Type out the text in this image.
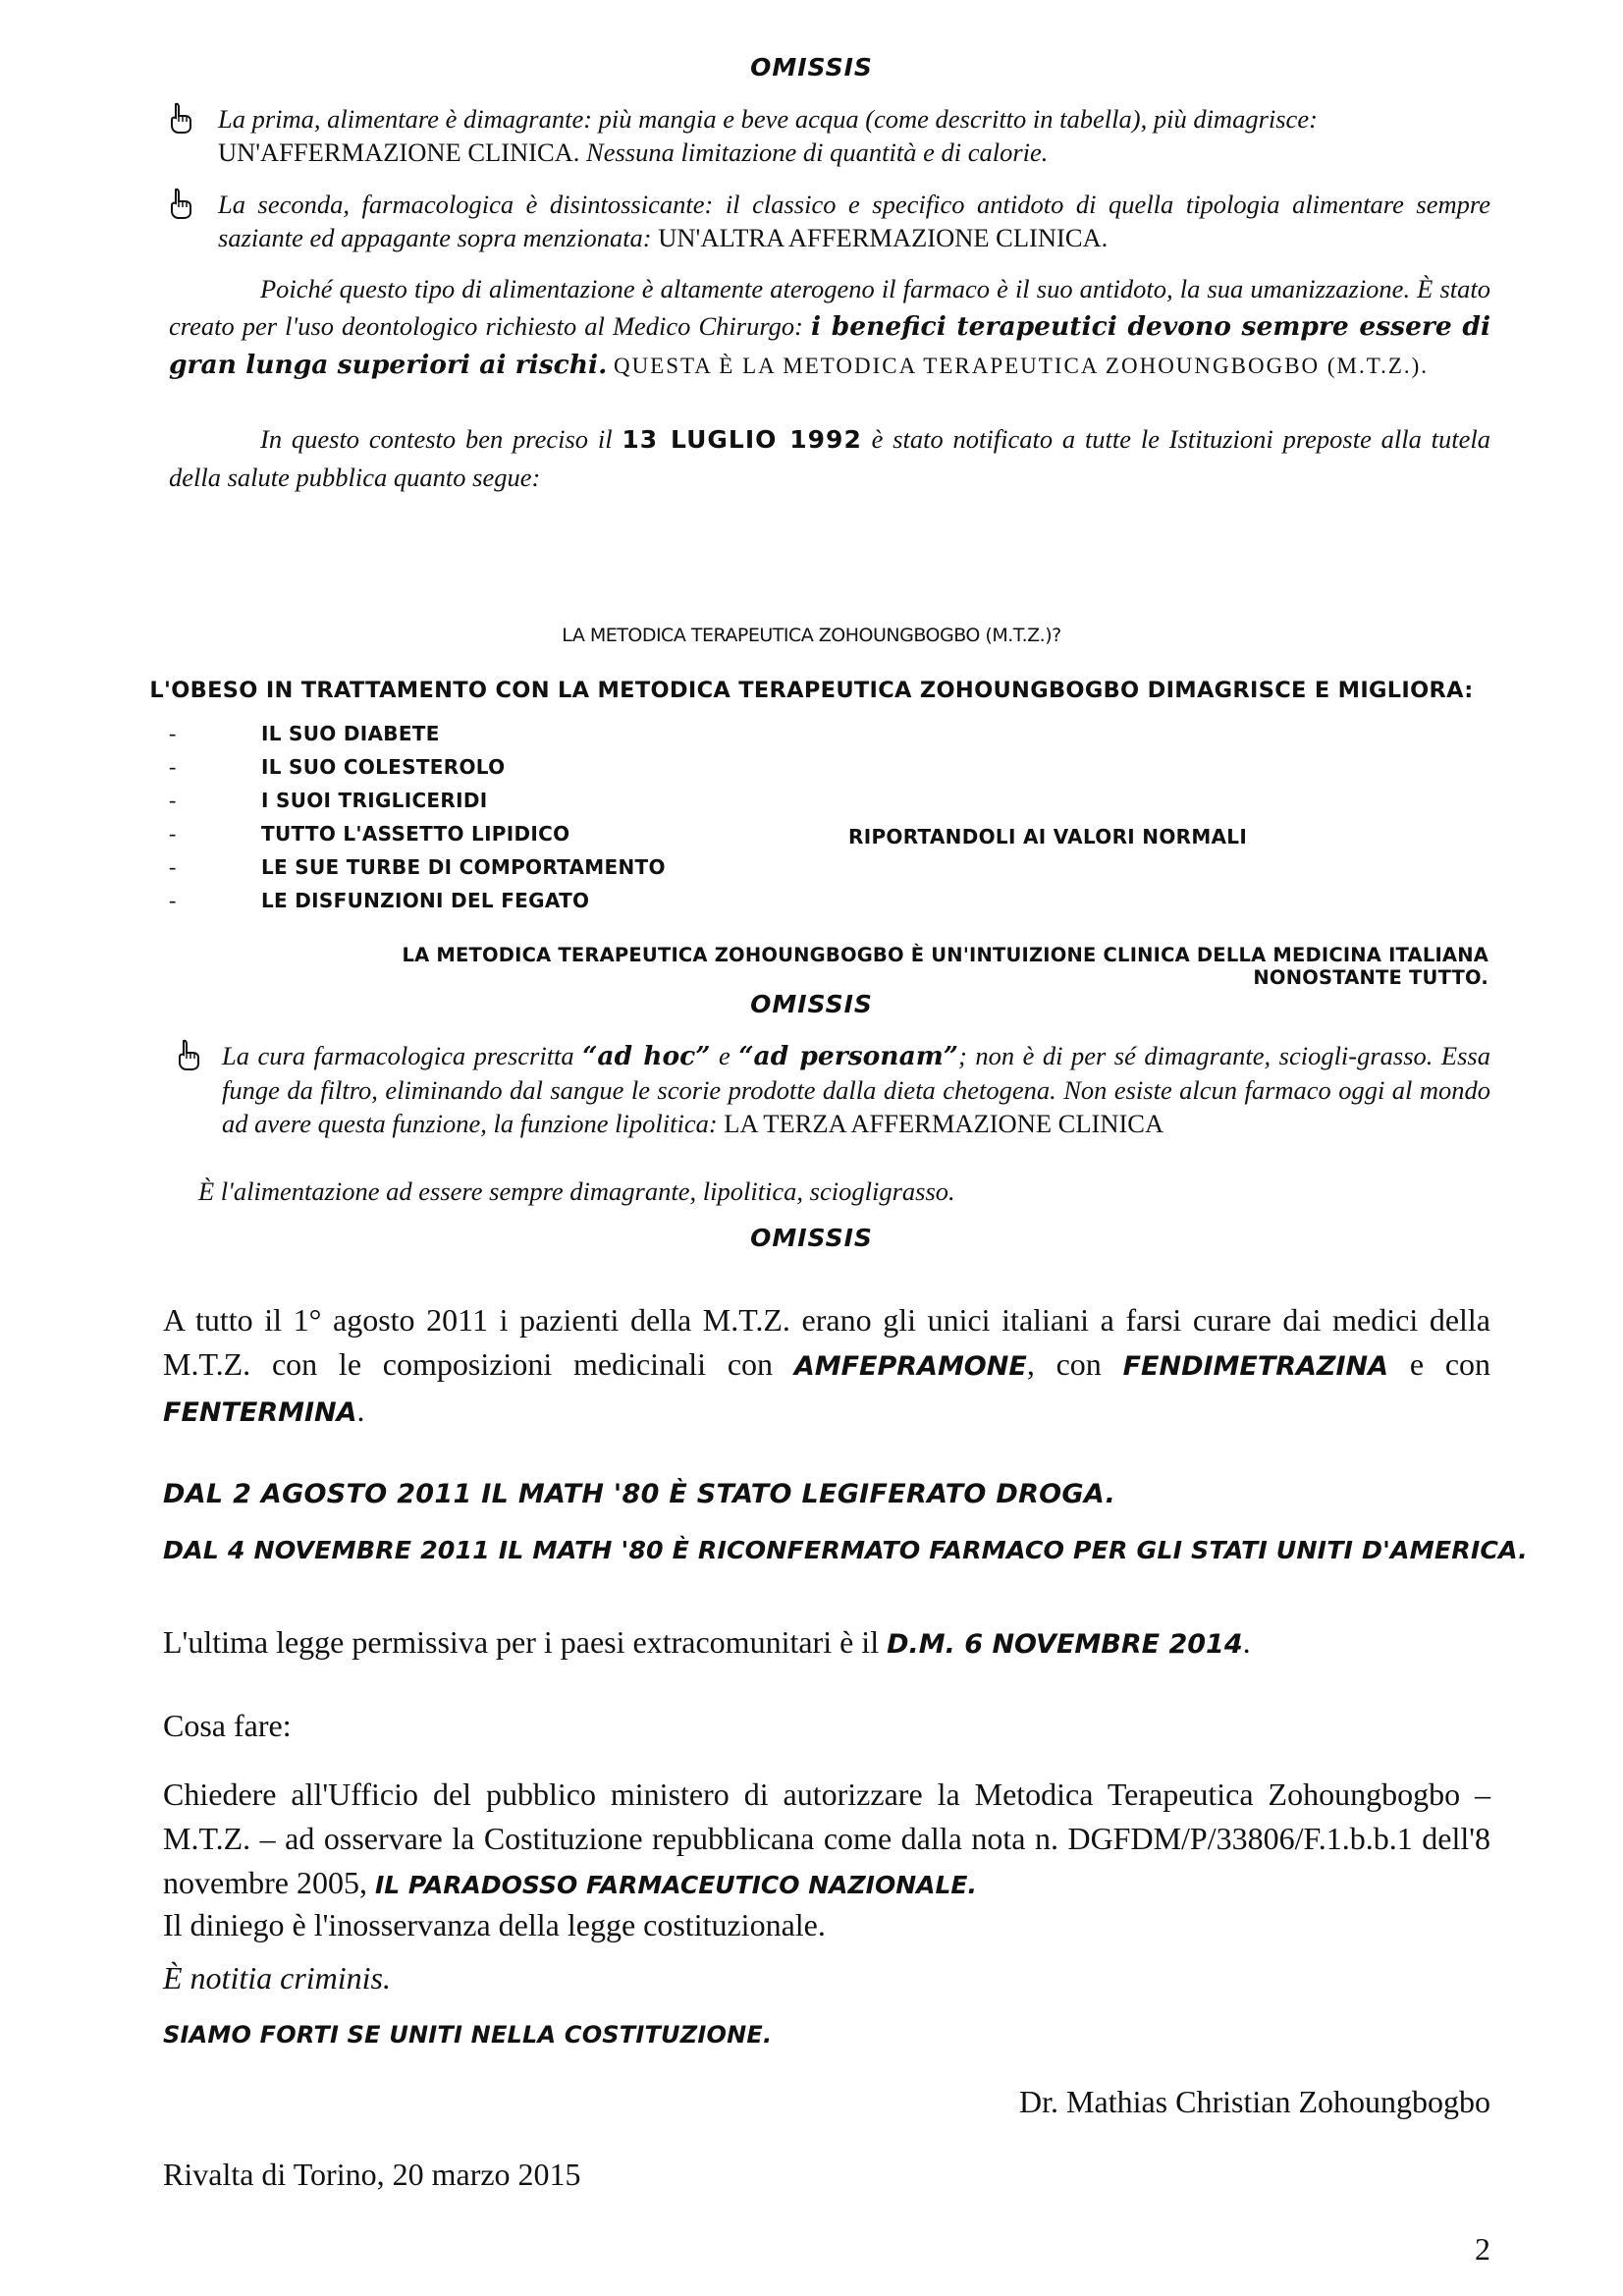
OMISSIS
La prima, alimentare è dimagrante: più mangia e beve acqua (come descritto in tabella), più dimagrisce:
UN'AFFERMAZIONE CLINICA. Nessuna limitazione di quantità e di calorie.
La seconda, farmacologica è disintossicante: il classico e specifico antidoto di quella tipologia alimentare sempre saziante ed appagante sopra menzionata: UN'ALTRA AFFERMAZIONE CLINICA.
Poiché questo tipo di alimentazione è altamente aterogeno il farmaco è il suo antidoto, la sua umanizzazione. È stato creato per l'uso deontologico richiesto al Medico Chirurgo: i benefici terapeutici devono sempre essere di gran lunga superiori ai rischi. QUESTA È LA METODICA TERAPEUTICA ZOHOUNGBOGBO (M.T.Z.).
In questo contesto ben preciso il 13 LUGLIO 1992 è stato notificato a tutte le Istituzioni preposte alla tutela della salute pubblica quanto segue:
LA METODICA TERAPEUTICA ZOHOUNGBOGBO (M.T.Z.)?
L'OBESO IN TRATTAMENTO CON LA METODICA TERAPEUTICA ZOHOUNGBOGBO DIMAGRISCE E MIGLIORA:
-	IL SUO DIABETE
-	IL SUO COLESTEROLO
-	I SUOI TRIGLICERIDI
-	TUTTO L'ASSETTO LIPIDICO
-	LE SUE TURBE DI COMPORTAMENTO
-	LE DISFUNZIONI DEL FEGATO
RIPORTANDOLI AI VALORI NORMALI
LA METODICA TERAPEUTICA ZOHOUNGBOGBO È UN'INTUIZIONE CLINICA DELLA MEDICINA ITALIANA NONOSTANTE TUTTO.
OMISSIS
La cura farmacologica prescritta “ad hoc” e “ad personam”; non è di per sé dimagrante, sciogli-grasso. Essa funge da filtro, eliminando dal sangue le scorie prodotte dalla dieta chetogena. Non esiste alcun farmaco oggi al mondo ad avere questa funzione, la funzione lipolitica: LA TERZA AFFERMAZIONE CLINICA
È l'alimentazione ad essere sempre dimagrante, lipolitica, sciogligrasso.
OMISSIS
A tutto il 1° agosto 2011 i pazienti della M.T.Z. erano gli unici italiani a farsi curare dai medici della M.T.Z. con le composizioni medicinali con AMFEPRAMONE, con FENDIMETRAZINA e con FENTERMINA.
DAL 2 AGOSTO 2011 IL MATH '80 È STATO LEGIFERATO DROGA.
DAL 4 NOVEMBRE 2011 IL MATH '80 È RICONFERMATO FARMACO PER GLI STATI UNITI D'AMERICA.
L'ultima legge permissiva per i paesi extracomunitari è il D.M. 6 NOVEMBRE 2014.
Cosa fare:
Chiedere all'Ufficio del pubblico ministero di autorizzare la Metodica Terapeutica Zohoungbogbo – M.T.Z. – ad osservare la Costituzione repubblicana come dalla nota n. DGFDM/P/33806/F.1.b.b.1 dell'8 novembre 2005, IL PARADOSSO FARMACEUTICO NAZIONALE.
Il diniego è l'inosservanza della legge costituzionale.
È notitia criminis.
SIAMO FORTI SE UNITI NELLA COSTITUZIONE.
Dr. Mathias Christian Zohoungbogbo
Rivalta di Torino, 20 marzo 2015
2
